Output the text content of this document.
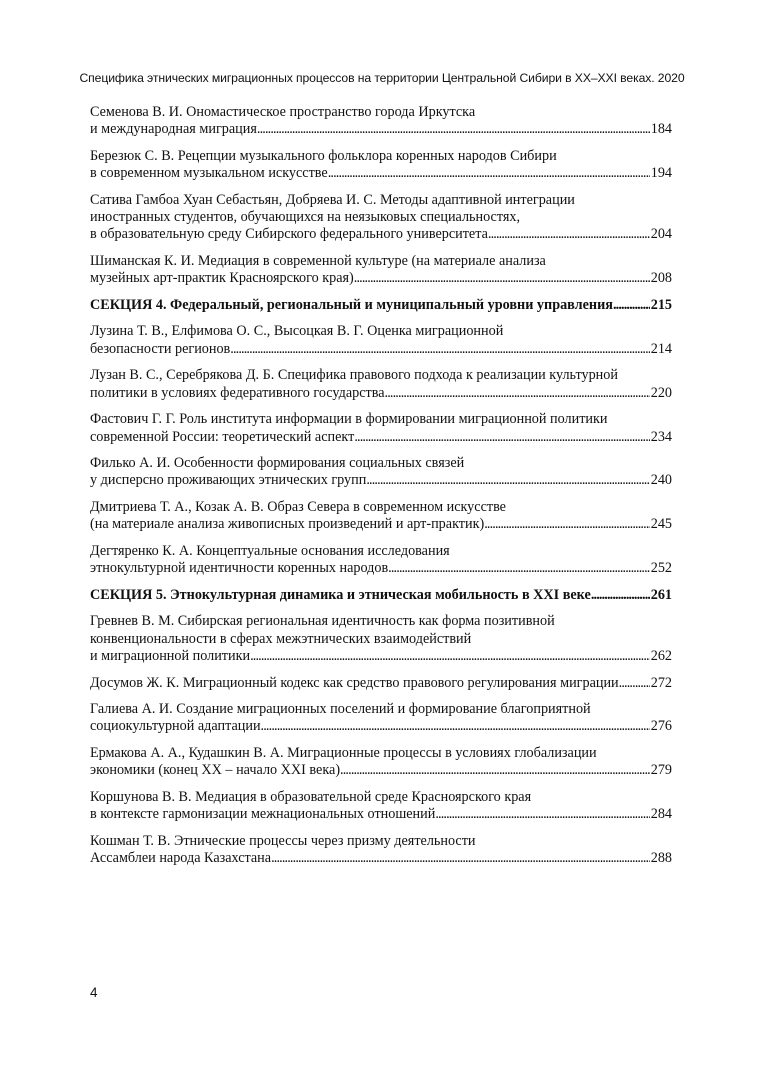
Специфика этнических миграционных процессов на территории Центральной Сибири в XX–XXI веках. 2020
Семенова В. И. Ономастическое пространство города Иркутска
и международная миграция . . .	184
Березюк С. В. Рецепции музыкального фольклора коренных народов Сибири
в современном музыкальном искусстве . . .	194
Сатива Гамбоа Хуан Себастьян, Добряева И. С. Методы адаптивной интеграции
иностранных студентов, обучающихся на неязыковых специальностях,
в образовательную среду Сибирского федерального университета . . .	204
Шиманская К. И. Медиация в современной культуре (на материале анализа
музейных арт-практик Красноярского края) . . .	208
СЕКЦИЯ 4. Федеральный, региональный и муниципальный уровни управления . . .	215
Лузина Т. В., Елфимова О. С., Высоцкая В. Г. Оценка миграционной
безопасности регионов . . .	214
Лузан В. С., Серебрякова Д. Б. Специфика правового подхода к реализации культурной
политики в условиях федеративного государства . . .	220
Фастович Г. Г. Роль института информации в формировании миграционной политики
современной России: теоретический аспект . . .	234
Филько А. И. Особенности формирования социальных связей
у дисперсно проживающих этнических групп . . .	240
Дмитриева Т. А., Козак А. В. Образ Севера в современном искусстве
(на материале анализа живописных произведений и арт-практик) . . .	245
Дегтяренко К. А. Концептуальные основания исследования
этнокультурной идентичности коренных народов . . .	252
СЕКЦИЯ 5. Этнокультурная динамика и этническая мобильность в XXI веке . . .	261
Гревнев В. М. Сибирская региональная идентичность как форма позитивной
конвенциональности в сферах межэтнических взаимодействий
и миграционной политики . . .	262
Досумов Ж. К. Миграционный кодекс как средство правового регулирования миграции . . . 272
Галиева А. И. Создание миграционных поселений и формирование благоприятной
социокультурной адаптации . . .	276
Ермакова А. А., Кудашкин В. А. Миграционные процессы в условиях глобализации
экономики (конец XX – начало XXI века) . . .	279
Коршунова В. В. Медиация в образовательной среде Красноярского края
в контексте гармонизации межнациональных отношений . . .	284
Кошман Т. В. Этнические процессы через призму деятельности
Ассамблеи народа Казахстана . . .	288
4
